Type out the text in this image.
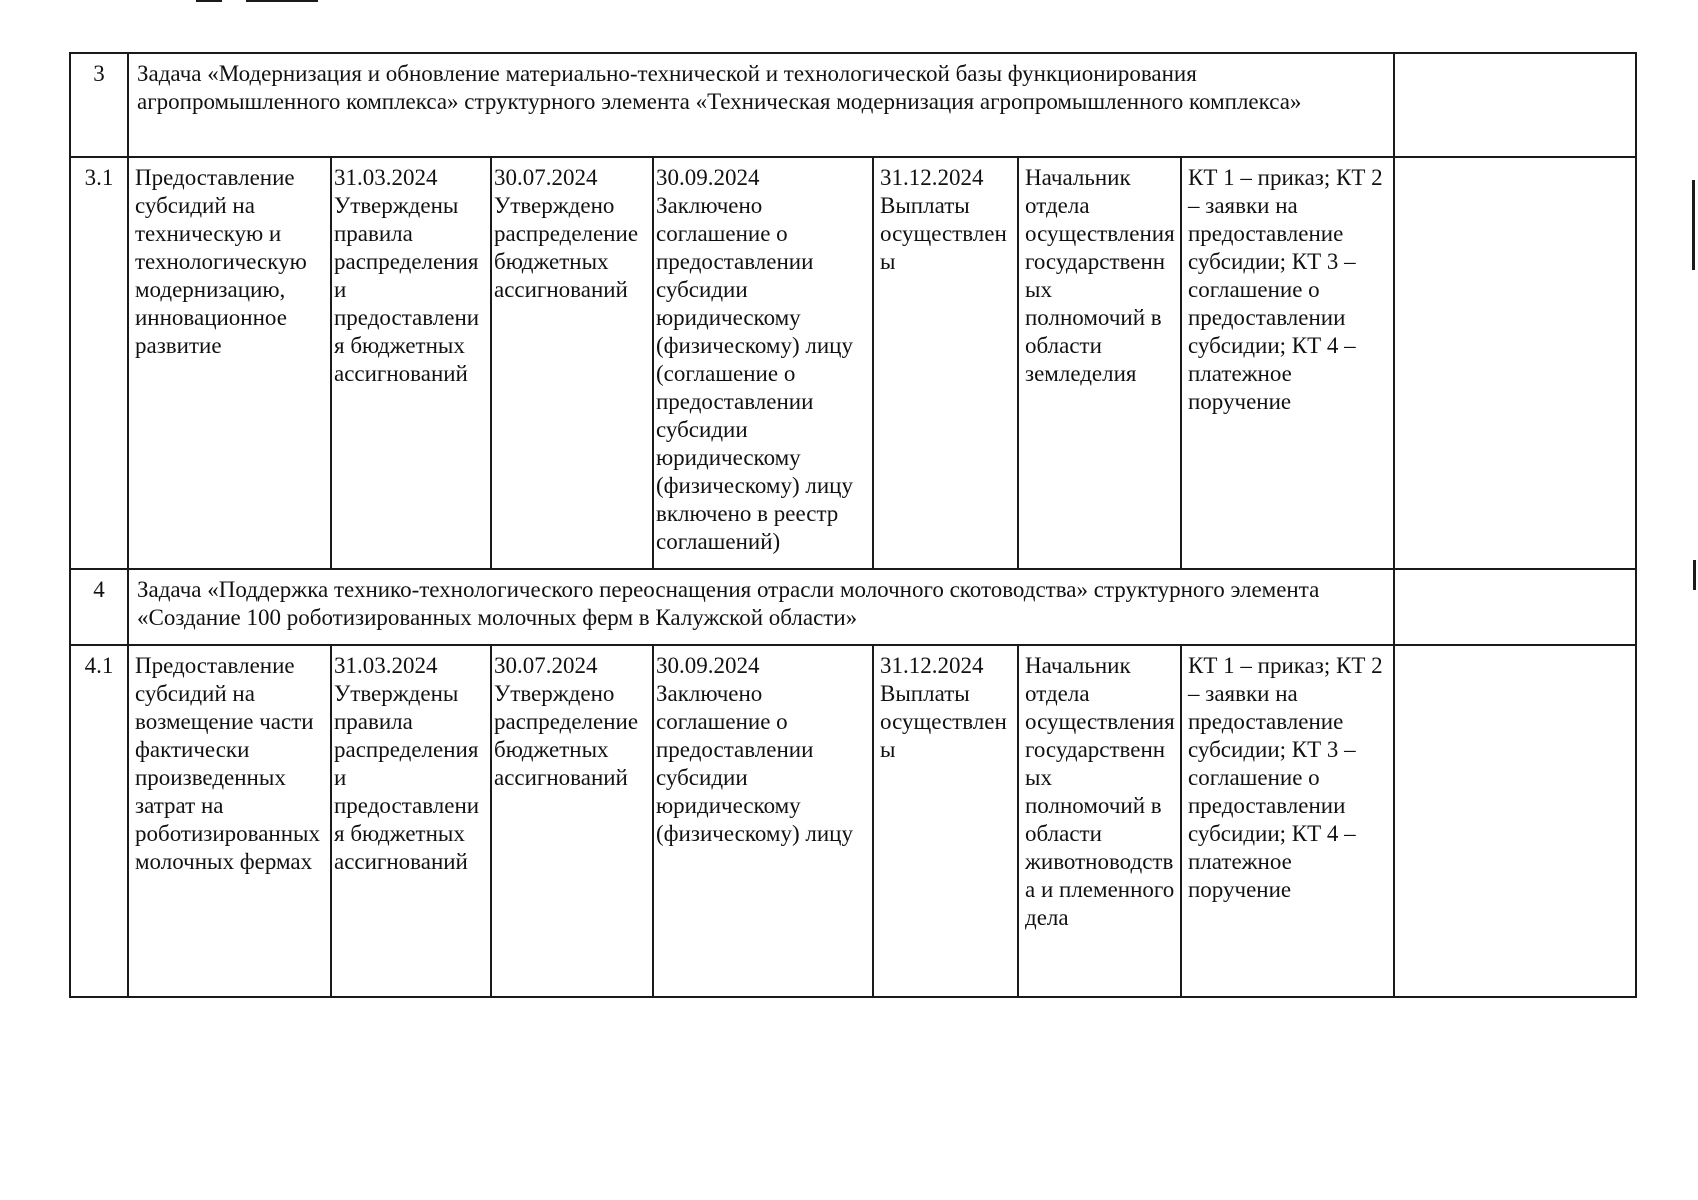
3	Задача «Модернизация и обновление материально-технической и технологической базы функционирования агропромышленного комплекса» структурного элемента «Техническая модернизация агропромышленного комплекса»							
3.1	Предоставление субсидий на техническую и технологическую модернизацию, инновационное развитие	31.03.2024 Утверждены правила распределения и предоставления бюджетных ассигнований	30.07.2024 Утверждено распределение бюджетных ассигнований	30.09.2024 Заключено соглашение о предоставлении субсидии юридическому (физическому) лицу (соглашение о предоставлении субсидии юридическому (физическому) лицу включено в реестр соглашений)	31.12.2024 Выплаты осуществлены	Начальник отдела осуществления государственных полномочий в области земледелия	КТ 1 – приказ; КТ 2 – заявки на предоставление субсидии; КТ 3 – соглашение о предоставлении субсидии; КТ 4 – платежное поручение	
4	Задача «Поддержка технико-технологического переоснащения отрасли молочного скотоводства» структурного элемента «Создание 100 роботизированных молочных ферм в Калужской области»							
4.1	Предоставление субсидий на возмещение части фактически произведенных затрат на роботизированных молочных фермах	31.03.2024 Утверждены правила распределения и предоставления бюджетных ассигнований	30.07.2024 Утверждено распределение бюджетных ассигнований	30.09.2024 Заключено соглашение о предоставлении субсидии юридическому (физическому) лицу	31.12.2024 Выплаты осуществлены	Начальник отдела осуществления государственных полномочий в области животноводства и племенного дела	КТ 1 – приказ; КТ 2 – заявки на предоставление субсидии; КТ 3 – соглашение о предоставлении субсидии; КТ 4 – платежное поручение	
